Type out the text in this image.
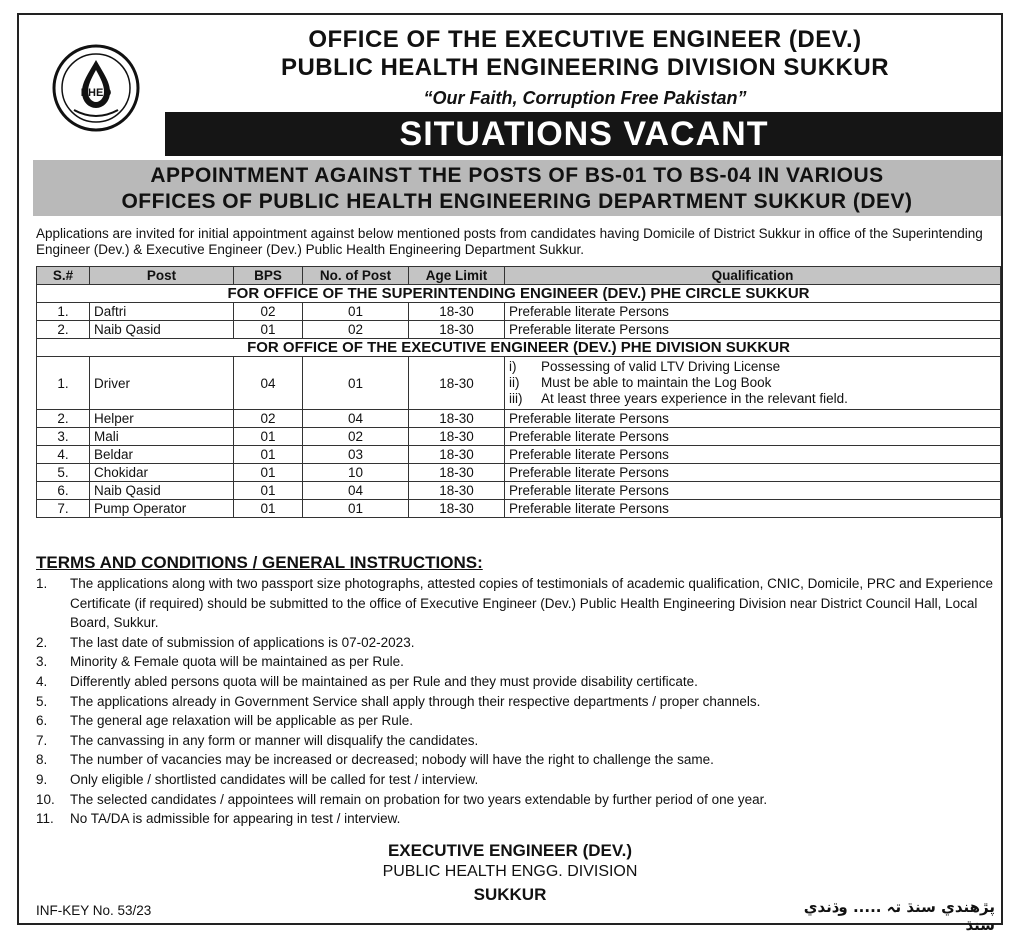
PHED
OFFICE OF THE EXECUTIVE ENGINEER (DEV.)
PUBLIC HEALTH ENGINEERING DIVISION SUKKUR
“Our Faith, Corruption Free Pakistan”
SITUATIONS VACANT
APPOINTMENT AGAINST THE POSTS OF BS-01 TO BS-04 IN VARIOUS
OFFICES OF PUBLIC HEALTH ENGINEERING DEPARTMENT SUKKUR (DEV)
Applications are invited for initial appointment against below mentioned posts from candidates having Domicile of District Sukkur in office of the Superintending Engineer (Dev.) & Executive Engineer (Dev.) Public Health Engineering Department Sukkur.
S.#	Post	BPS	No. of Post	Age Limit	Qualification
FOR OFFICE OF THE SUPERINTENDING ENGINEER (DEV.) PHE CIRCLE SUKKUR					
1.	Daftri	02	01	18-30	Preferable literate Persons
2.	Naib Qasid	01	02	18-30	Preferable literate Persons
FOR OFFICE OF THE EXECUTIVE ENGINEER (DEV.) PHE DIVISION SUKKUR					
1.	Driver	04	01	18-30	i) Possessing of valid LTV Driving License
ii) Must be able to maintain the Log Book
iii) At least three years experience in the relevant field.

2.	Helper	02	04	18-30	Preferable literate Persons
3.	Mali	01	02	18-30	Preferable literate Persons
4.	Beldar	01	03	18-30	Preferable literate Persons
5.	Chokidar	01	10	18-30	Preferable literate Persons
6.	Naib Qasid	01	04	18-30	Preferable literate Persons
7.	Pump Operator	01	01	18-30	Preferable literate Persons
TERMS AND CONDITIONS / GENERAL INSTRUCTIONS:
1.	The applications along with two passport size photographs, attested copies of testimonials of academic qualification, CNIC, Domicile, PRC and Experience Certificate (if required) should be submitted to the office of Executive Engineer (Dev.) Public Health Engineering Division near District Council Hall, Local Board, Sukkur.
2.	The last date of submission of applications is 07-02-2023.
3.	Minority & Female quota will be maintained as per Rule.
4.	Differently abled persons quota will be maintained as per Rule and they must provide disability certificate.
5.	The applications already in Government Service shall apply through their respective departments / proper channels.
6.	The general age relaxation will be applicable as per Rule.
7.	The canvassing in any form or manner will disqualify the candidates.
8.	The number of vacancies may be increased or decreased; nobody will have the right to challenge the same.
9.	Only eligible / shortlisted candidates will be called for test / interview.
10.	The selected candidates / appointees will remain on probation for two years extendable by further period of one year.
11.	No TA/DA is admissible for appearing in test / interview.
EXECUTIVE ENGINEER (DEV.)
PUBLIC HEALTH ENGG. DIVISION
SUKKUR
INF-KEY No. 53/23	پڙهندي سنڌ تہ ..... وڌندي سنڌ
